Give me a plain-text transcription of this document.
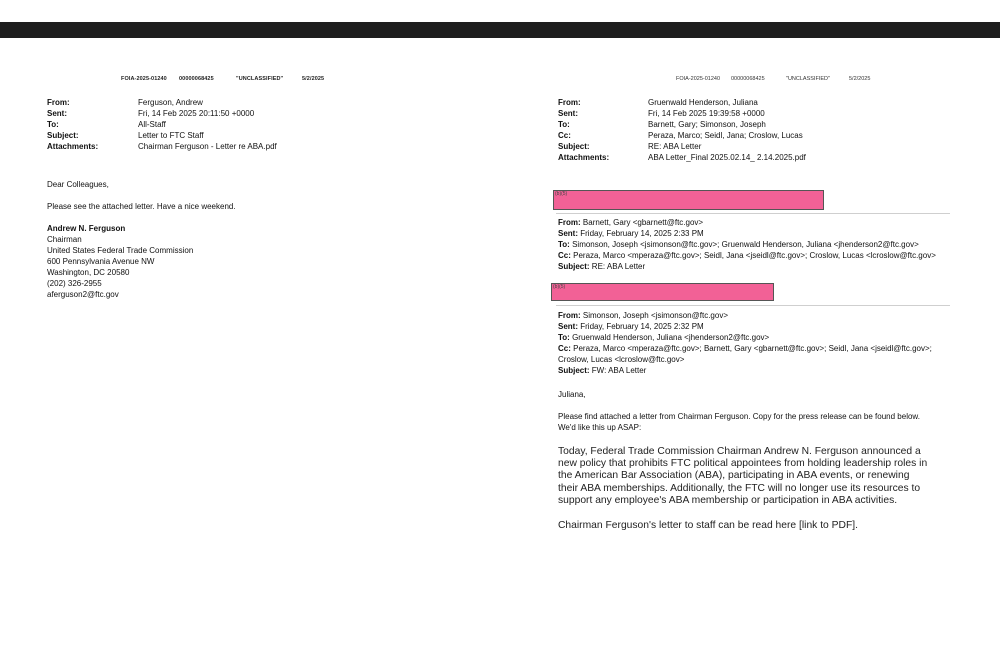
FOIA-2025-01240 00000068425	"UNCLASSIFIED"	5/2/2025
From:	Ferguson, Andrew
Sent:	Fri, 14 Feb 2025 20:11:50 +0000
To:	All-Staff
Subject:	Letter to FTC Staff
Attachments:	Chairman Ferguson - Letter re ABA.pdf
Dear Colleagues,
Please see the attached letter. Have a nice weekend.
Andrew N. Ferguson
Chairman
United States Federal Trade Commission
600 Pennsylvania Avenue NW
Washington, DC 20580
(202) 326-2955
aferguson2@ftc.gov
FOIA-2025-01240 00000068425	"UNCLASSIFIED"	5/2/2025
From:	Gruenwald Henderson, Juliana
Sent:	Fri, 14 Feb 2025 19:39:58 +0000
To:	Barnett, Gary; Simonson, Joseph
Cc:	Peraza, Marco; Seidl, Jana; Croslow, Lucas
Subject:	RE: ABA Letter
Attachments:	ABA Letter_Final 2025.02.14_ 2.14.2025.pdf
(b)(5)
From: Barnett, Gary <gbarnett@ftc.gov>
Sent: Friday, February 14, 2025 2:33 PM
To: Simonson, Joseph <jsimonson@ftc.gov>; Gruenwald Henderson, Juliana <jhenderson2@ftc.gov>
Cc: Peraza, Marco <mperaza@ftc.gov>; Seidl, Jana <jseidl@ftc.gov>; Croslow, Lucas <lcroslow@ftc.gov>
Subject: RE: ABA Letter
(b)(5)
From: Simonson, Joseph <jsimonson@ftc.gov>
Sent: Friday, February 14, 2025 2:32 PM
To: Gruenwald Henderson, Juliana <jhenderson2@ftc.gov>
Cc: Peraza, Marco <mperaza@ftc.gov>; Barnett, Gary <gbarnett@ftc.gov>; Seidl, Jana <jseidl@ftc.gov>;
Croslow, Lucas <lcroslow@ftc.gov>
Subject: FW: ABA Letter
Juliana,
Please find attached a letter from Chairman Ferguson. Copy for the press release can be found below.
We'd like this up ASAP:
Today, Federal Trade Commission Chairman Andrew N. Ferguson announced a
new policy that prohibits FTC political appointees from holding leadership roles in
the American Bar Association (ABA), participating in ABA events, or renewing
their ABA memberships. Additionally, the FTC will no longer use its resources to
support any employee's ABA membership or participation in ABA activities.
Chairman Ferguson's letter to staff can be read here [link to PDF].
